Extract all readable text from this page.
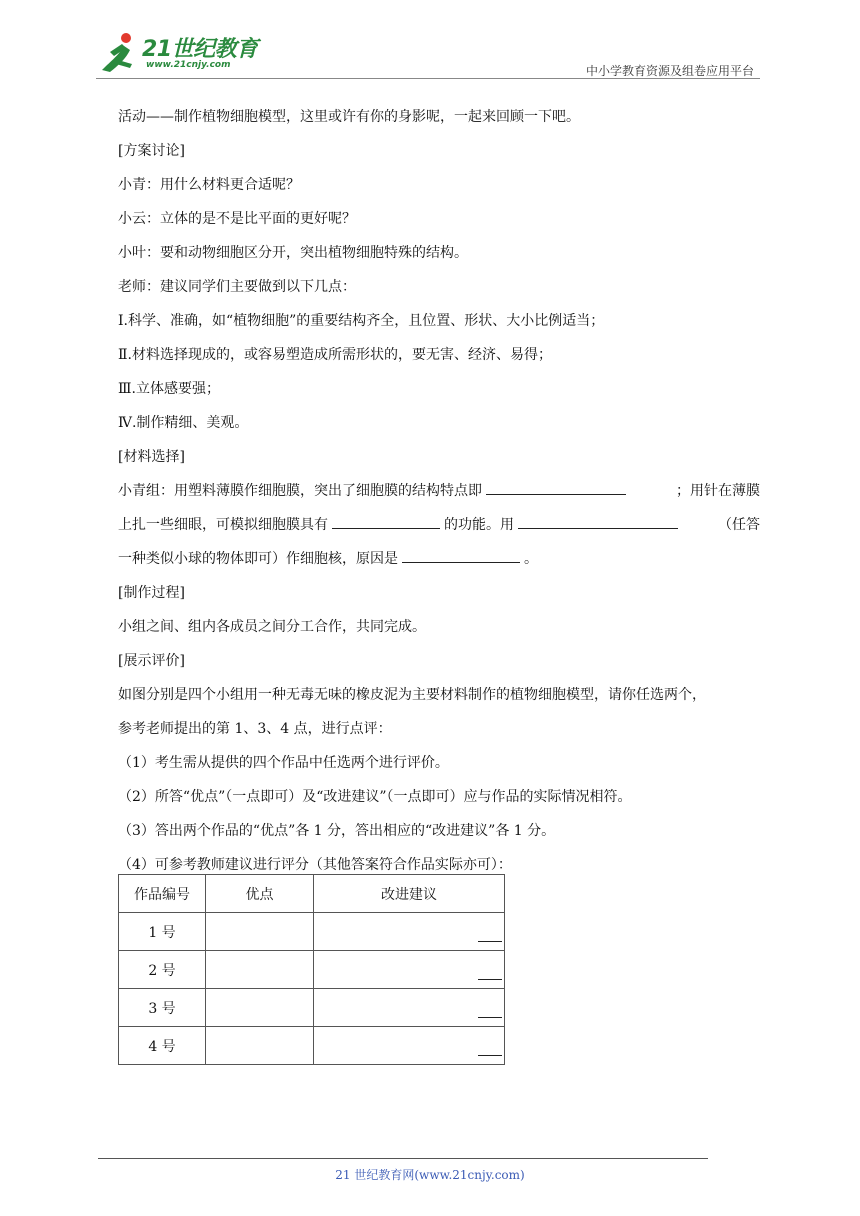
21世纪教育
www.21cnjy.com	中小学教育资源及组卷应用平台

活动——制作植物细胞模型，这里或许有你的身影呢，一起来回顾一下吧。

[方案讨论]

小青：用什么材料更合适呢？

小云：立体的是不是比平面的更好呢？

小叶：要和动物细胞区分开，突出植物细胞特殊的结构。

老师：建议同学们主要做到以下几点：

Ⅰ.科学、准确，如“植物细胞”的重要结构齐全，且位置、形状、大小比例适当；

Ⅱ.材料选择现成的，或容易塑造成所需形状的，要无害、经济、易得；

Ⅲ.立体感要强；

Ⅳ.制作精细、美观。

[材料选择]

小青组：用塑料薄膜作细胞膜，突出了细胞膜的结构特点即	；用针在薄膜

上扎一些细眼，可模拟细胞膜具有	的功能。用	（任答

一种类似小球的物体即可）作细胞核，原因是	。

[制作过程]

小组之间、组内各成员之间分工合作，共同完成。

[展示评价]

如图分别是四个小组用一种无毒无味的橡皮泥为主要材料制作的植物细胞模型，请你任选两个，

参考老师提出的第 1、3、4 点，进行点评：

（1）考生需从提供的四个作品中任选两个进行评价。

（2）所答“优点”（一点即可）及“改进建议”（一点即可）应与作品的实际情况相符。

（3）答出两个作品的“优点”各 1 分，答出相应的“改进建议”各 1 分。

（4）可参考教师建议进行评分（其他答案符合作品实际亦可）：

作品编号	优点	改进建议
1 号		

2 号		

3 号		

4 号		
21 世纪教育网(www.21cnjy.com)
